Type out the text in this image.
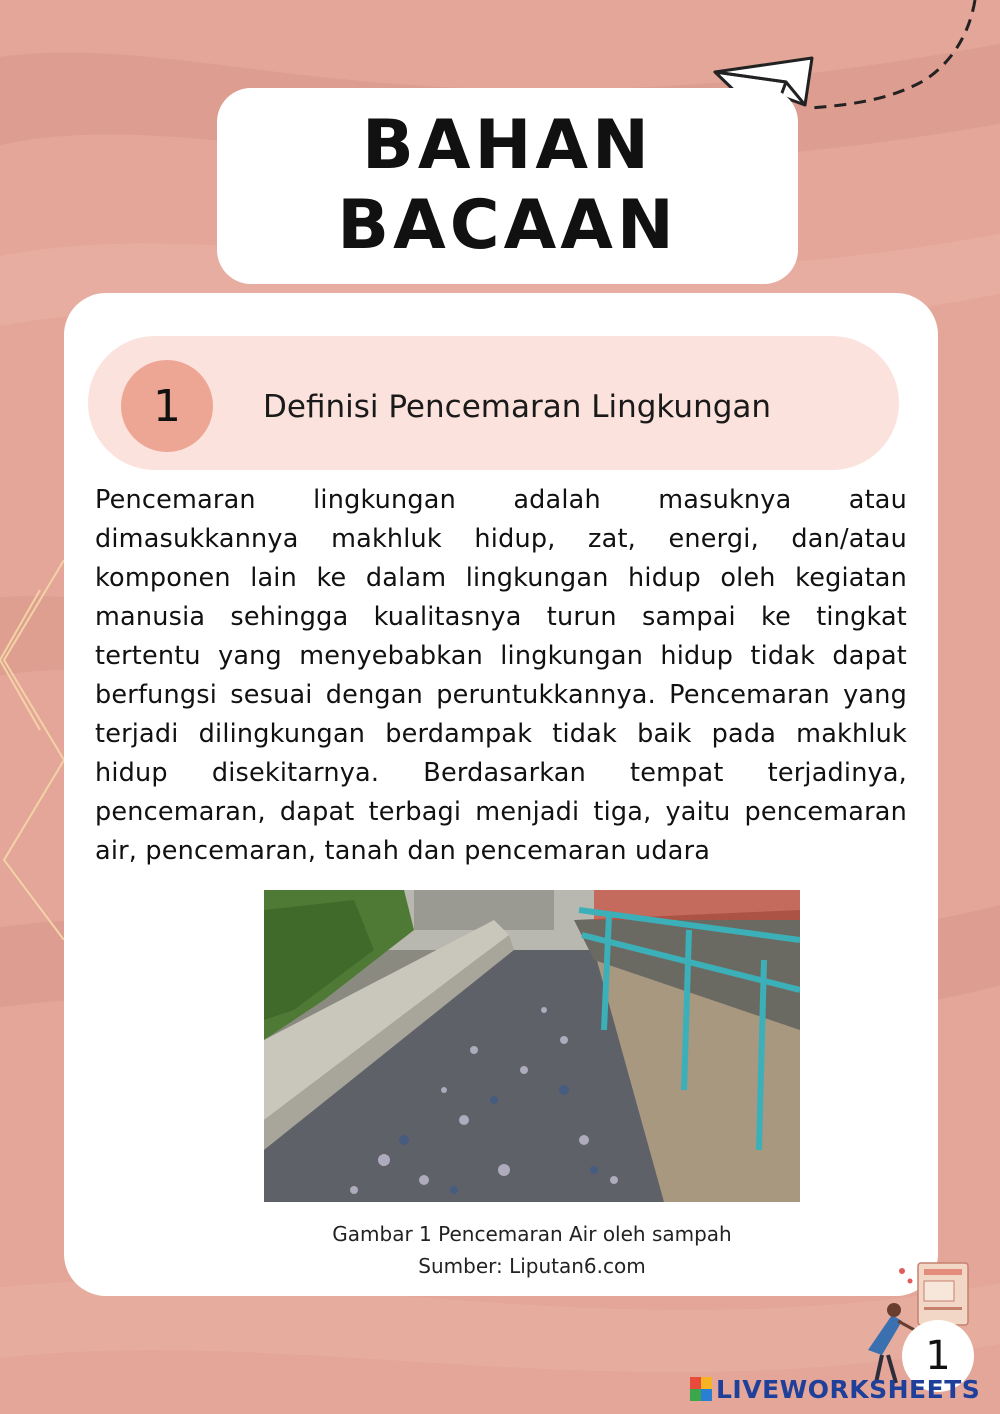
BAHAN
BACAAN
1	Definisi Pencemaran Lingkungan

Pencemaran lingkungan adalah masuknya atau dimasukkannya makhluk hidup, zat, energi, dan/atau komponen lain ke dalam lingkungan hidup oleh kegiatan manusia sehingga kualitasnya turun sampai ke tingkat tertentu yang menyebabkan lingkungan hidup tidak dapat berfungsi sesuai dengan peruntukkannya. Pencemaran yang terjadi dilingkungan berdampak tidak baik pada makhluk hidup disekitarnya. Berdasarkan tempat terjadinya, pencemaran, dapat terbagi menjadi tiga, yaitu pencemaran air, pencemaran, tanah dan pencemaran udara

Gambar 1 Pencemaran Air oleh sampah
Sumber: Liputan6.com
1
LIVEWORKSHEETS
